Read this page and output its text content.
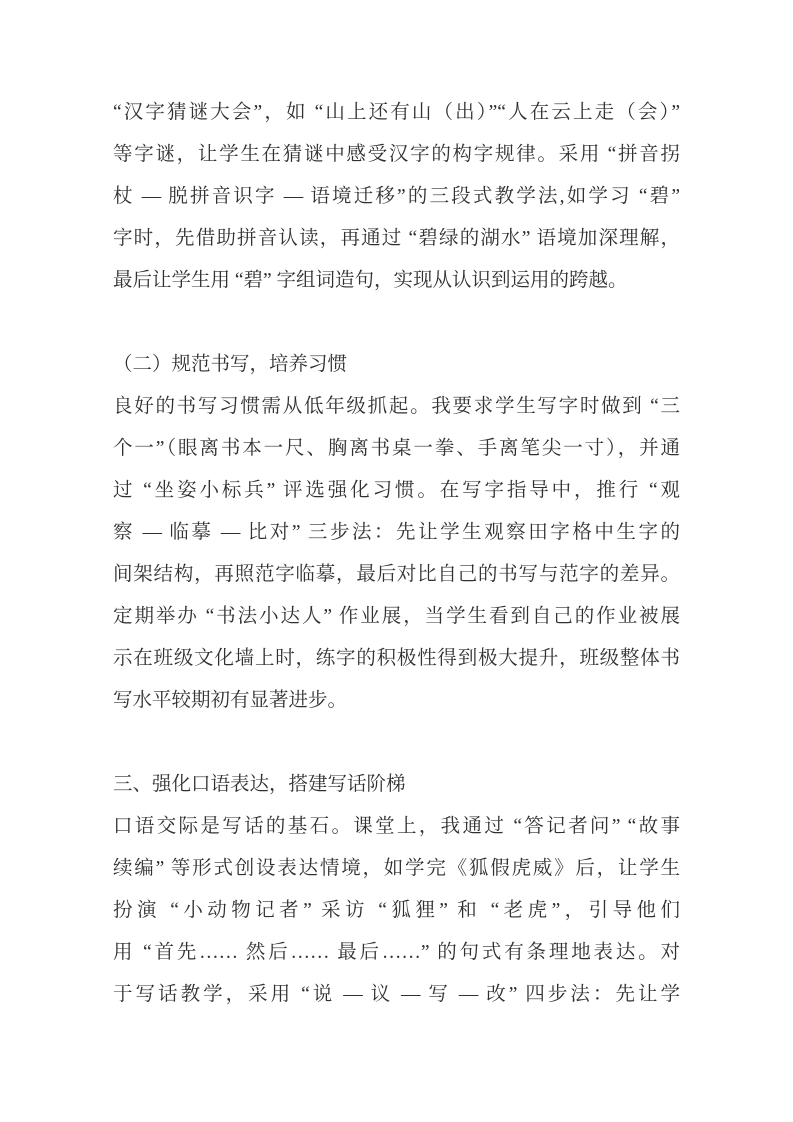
“汉字猜谜大会”，如 “山上还有山（出）”“人在云上走（会）”
等字谜，让学生在猜谜中感受汉字的构字规律。采用 “拼音拐
杖 — 脱拼音识字 — 语境迁移”的三段式教学法,如学习 “碧”
字时，先借助拼音认读，再通过 “碧绿的湖水” 语境加深理解，
最后让学生用 “碧” 字组词造句，实现从认识到运用的跨越。
（二）规范书写，培养习惯
良好的书写习惯需从低年级抓起。我要求学生写字时做到 “三
个一”（眼离书本一尺、胸离书桌一拳、手离笔尖一寸），并通
过 “坐姿小标兵” 评选强化习惯。在写字指导中，推行 “观
察 — 临摹 — 比对” 三步法：先让学生观察田字格中生字的
间架结构，再照范字临摹，最后对比自己的书写与范字的差异。
定期举办 “书法小达人” 作业展，当学生看到自己的作业被展
示在班级文化墙上时，练字的积极性得到极大提升，班级整体书
写水平较期初有显著进步。
三、强化口语表达，搭建写话阶梯
口语交际是写话的基石。课堂上，我通过 “答记者问” “故事
续编” 等形式创设表达情境，如学完《狐假虎威》后，让学生
扮演 “小动物记者” 采访 “狐狸” 和 “老虎”，引导他们
用 “首先…… 然后…… 最后……” 的句式有条理地表达。对
于写话教学，采用 “说 — 议 — 写 — 改” 四步法：先让学
